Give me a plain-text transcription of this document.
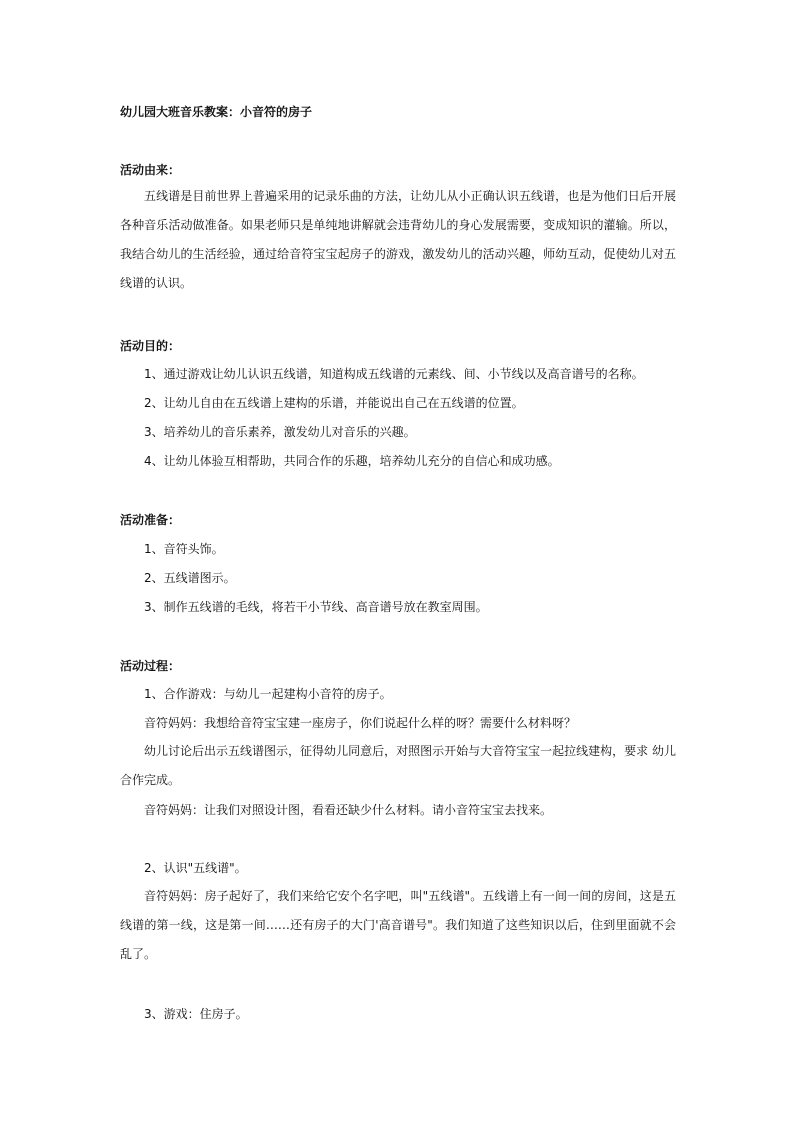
幼儿园大班音乐教案：小音符的房子
活动由来：
五线谱是目前世界上普遍采用的记录乐曲的方法，让幼儿从小正确认识五线谱，也是为他们日后开展各种音乐活动做准备。如果老师只是单纯地讲解就会违背幼儿的身心发展需要，变成知识的灌输。所以，我结合幼儿的生活经验，通过给音符宝宝起房子的游戏，激发幼儿的活动兴趣，师幼互动，促使幼儿对五线谱的认识。
活动目的：
1、通过游戏让幼儿认识五线谱，知道构成五线谱的元素线、间、小节线以及高音谱号的名称。
2、让幼儿自由在五线谱上建构的乐谱，并能说出自己在五线谱的位置。
3、培养幼儿的音乐素养，激发幼儿对音乐的兴趣。
4、让幼儿体验互相帮助，共同合作的乐趣，培养幼儿充分的自信心和成功感。
活动准备：
1、音符头饰。
2、五线谱图示。
3、制作五线谱的毛线，将若干小节线、高音谱号放在教室周围。
活动过程：
1、合作游戏：与幼儿一起建构小音符的房子。
音符妈妈：我想给音符宝宝建一座房子，你们说起什么样的呀？需要什么材料呀？
幼儿讨论后出示五线谱图示，征得幼儿同意后，对照图示开始与大音符宝宝一起拉线建构，要求 幼儿合作完成。
音符妈妈：让我们对照设计图，看看还缺少什么材料。请小音符宝宝去找来。
2、认识"五线谱"。
音符妈妈：房子起好了，我们来给它安个名字吧，叫"五线谱"。五线谱上有一间一间的房间，这是五线谱的第一线，这是第一间……还有房子的大门'高音谱号"。我们知道了这些知识以后，住到里面就不会乱了。
3、游戏：住房子。
